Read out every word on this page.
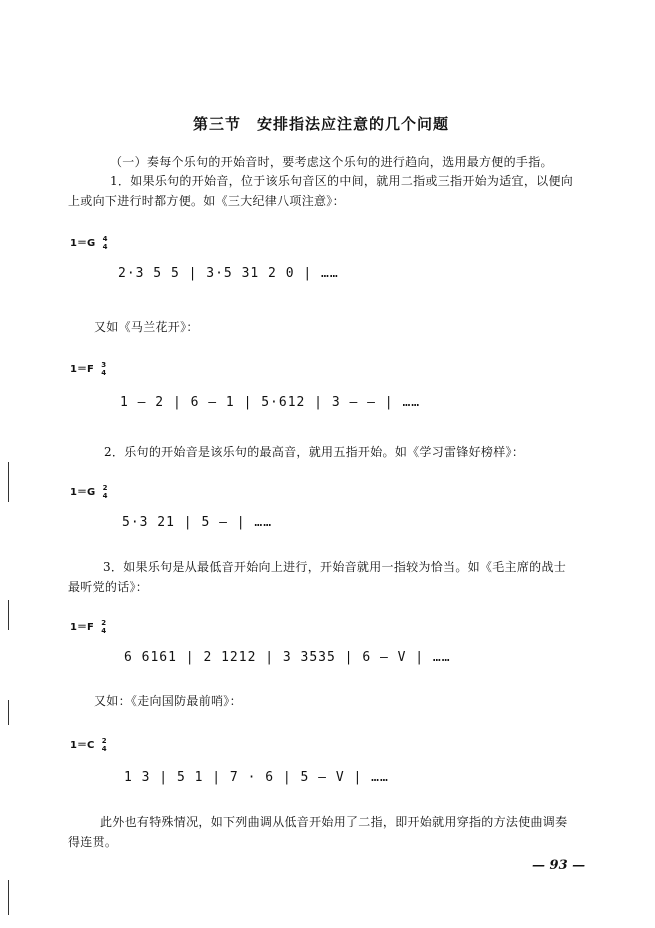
第三节　安排指法应注意的几个问题
（一）奏每个乐句的开始音时，要考虑这个乐句的进行趋向，选用最方便的手指。
1．如果乐句的开始音，位于该乐句音区的中间，就用二指或三指开始为适宜，以便向
上或向下进行时都方便。如《三大纪律八项注意》：
1＝G 4
4
2·3 5 5 | 3·5 31 2 0 | ……
又如《马兰花开》：
1＝F 3
4
1 — 2 | 6 — 1 | 5·612 | 3 — — | ……
2．乐句的开始音是该乐句的最高音，就用五指开始。如《学习雷锋好榜样》：
1＝G 2
4
5·3 21 | 5 — | ……
3．如果乐句是从最低音开始向上进行，开始音就用一指较为恰当。如《毛主席的战士
最听党的话》：
1＝F 2
4
6 6161 | 2 1212 | 3 3535 | 6 — V | ……
又如：《走向国防最前哨》：
1＝C 2
4
1 3 | 5 1 | 7 · 6 | 5 — V | ……
此外也有特殊情况，如下列曲调从低音开始用了二指，即开始就用穿指的方法使曲调奏
得连贯。
— 93 —
